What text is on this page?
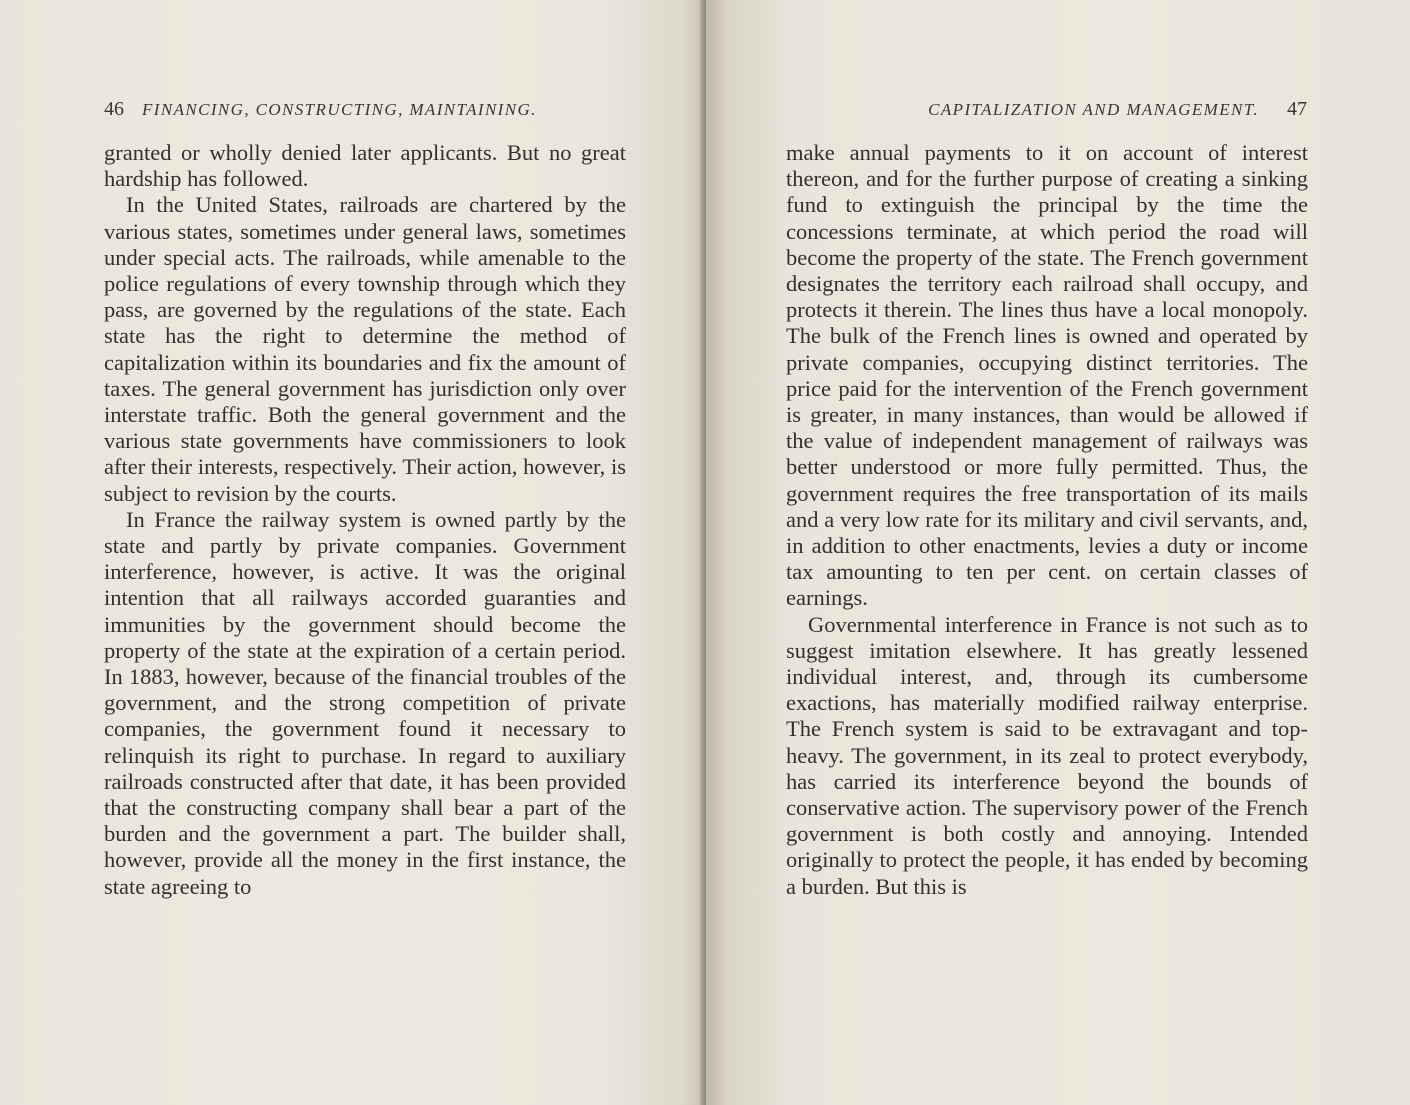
46 FINANCING, CONSTRUCTING, MAINTAINING.

granted or wholly denied later applicants. But no great hardship has followed.

In the United States, railroads are chartered by the various states, sometimes under general laws, sometimes under special acts. The railroads, while amenable to the police regulations of every township through which they pass, are governed by the regulations of the state. Each state has the right to determine the method of capitalization within its boundaries and fix the amount of taxes. The general government has jurisdiction only over interstate traffic. Both the general government and the various state governments have commissioners to look after their interests, respectively. Their action, however, is subject to revision by the courts.

In France the railway system is owned partly by the state and partly by private companies. Government interference, however, is active. It was the original intention that all railways accorded guaranties and immunities by the government should become the property of the state at the expiration of a certain period. In 1883, however, because of the financial troubles of the government, and the strong competition of private companies, the government found it necessary to relinquish its right to purchase. In regard to auxiliary railroads constructed after that date, it has been provided that the constructing company shall bear a part of the burden and the government a part. The builder shall, however, provide all the money in the first instance, the state agreeing to

CAPITALIZATION AND MANAGEMENT. 47

make annual payments to it on account of interest thereon, and for the further purpose of creating a sinking fund to extinguish the principal by the time the concessions terminate, at which period the road will become the property of the state. The French government designates the territory each railroad shall occupy, and protects it therein. The lines thus have a local monopoly. The bulk of the French lines is owned and operated by private companies, occupying distinct territories. The price paid for the intervention of the French government is greater, in many instances, than would be allowed if the value of independent management of railways was better understood or more fully permitted. Thus, the government requires the free transportation of its mails and a very low rate for its military and civil servants, and, in addition to other enactments, levies a duty or income tax amounting to ten per cent. on certain classes of earnings.

Governmental interference in France is not such as to suggest imitation elsewhere. It has greatly lessened individual interest, and, through its cumbersome exactions, has materially modified railway enterprise. The French system is said to be extravagant and top-heavy. The government, in its zeal to protect everybody, has carried its interference beyond the bounds of conservative action. The supervisory power of the French government is both costly and annoying. Intended originally to protect the people, it has ended by becoming a burden. But this is
